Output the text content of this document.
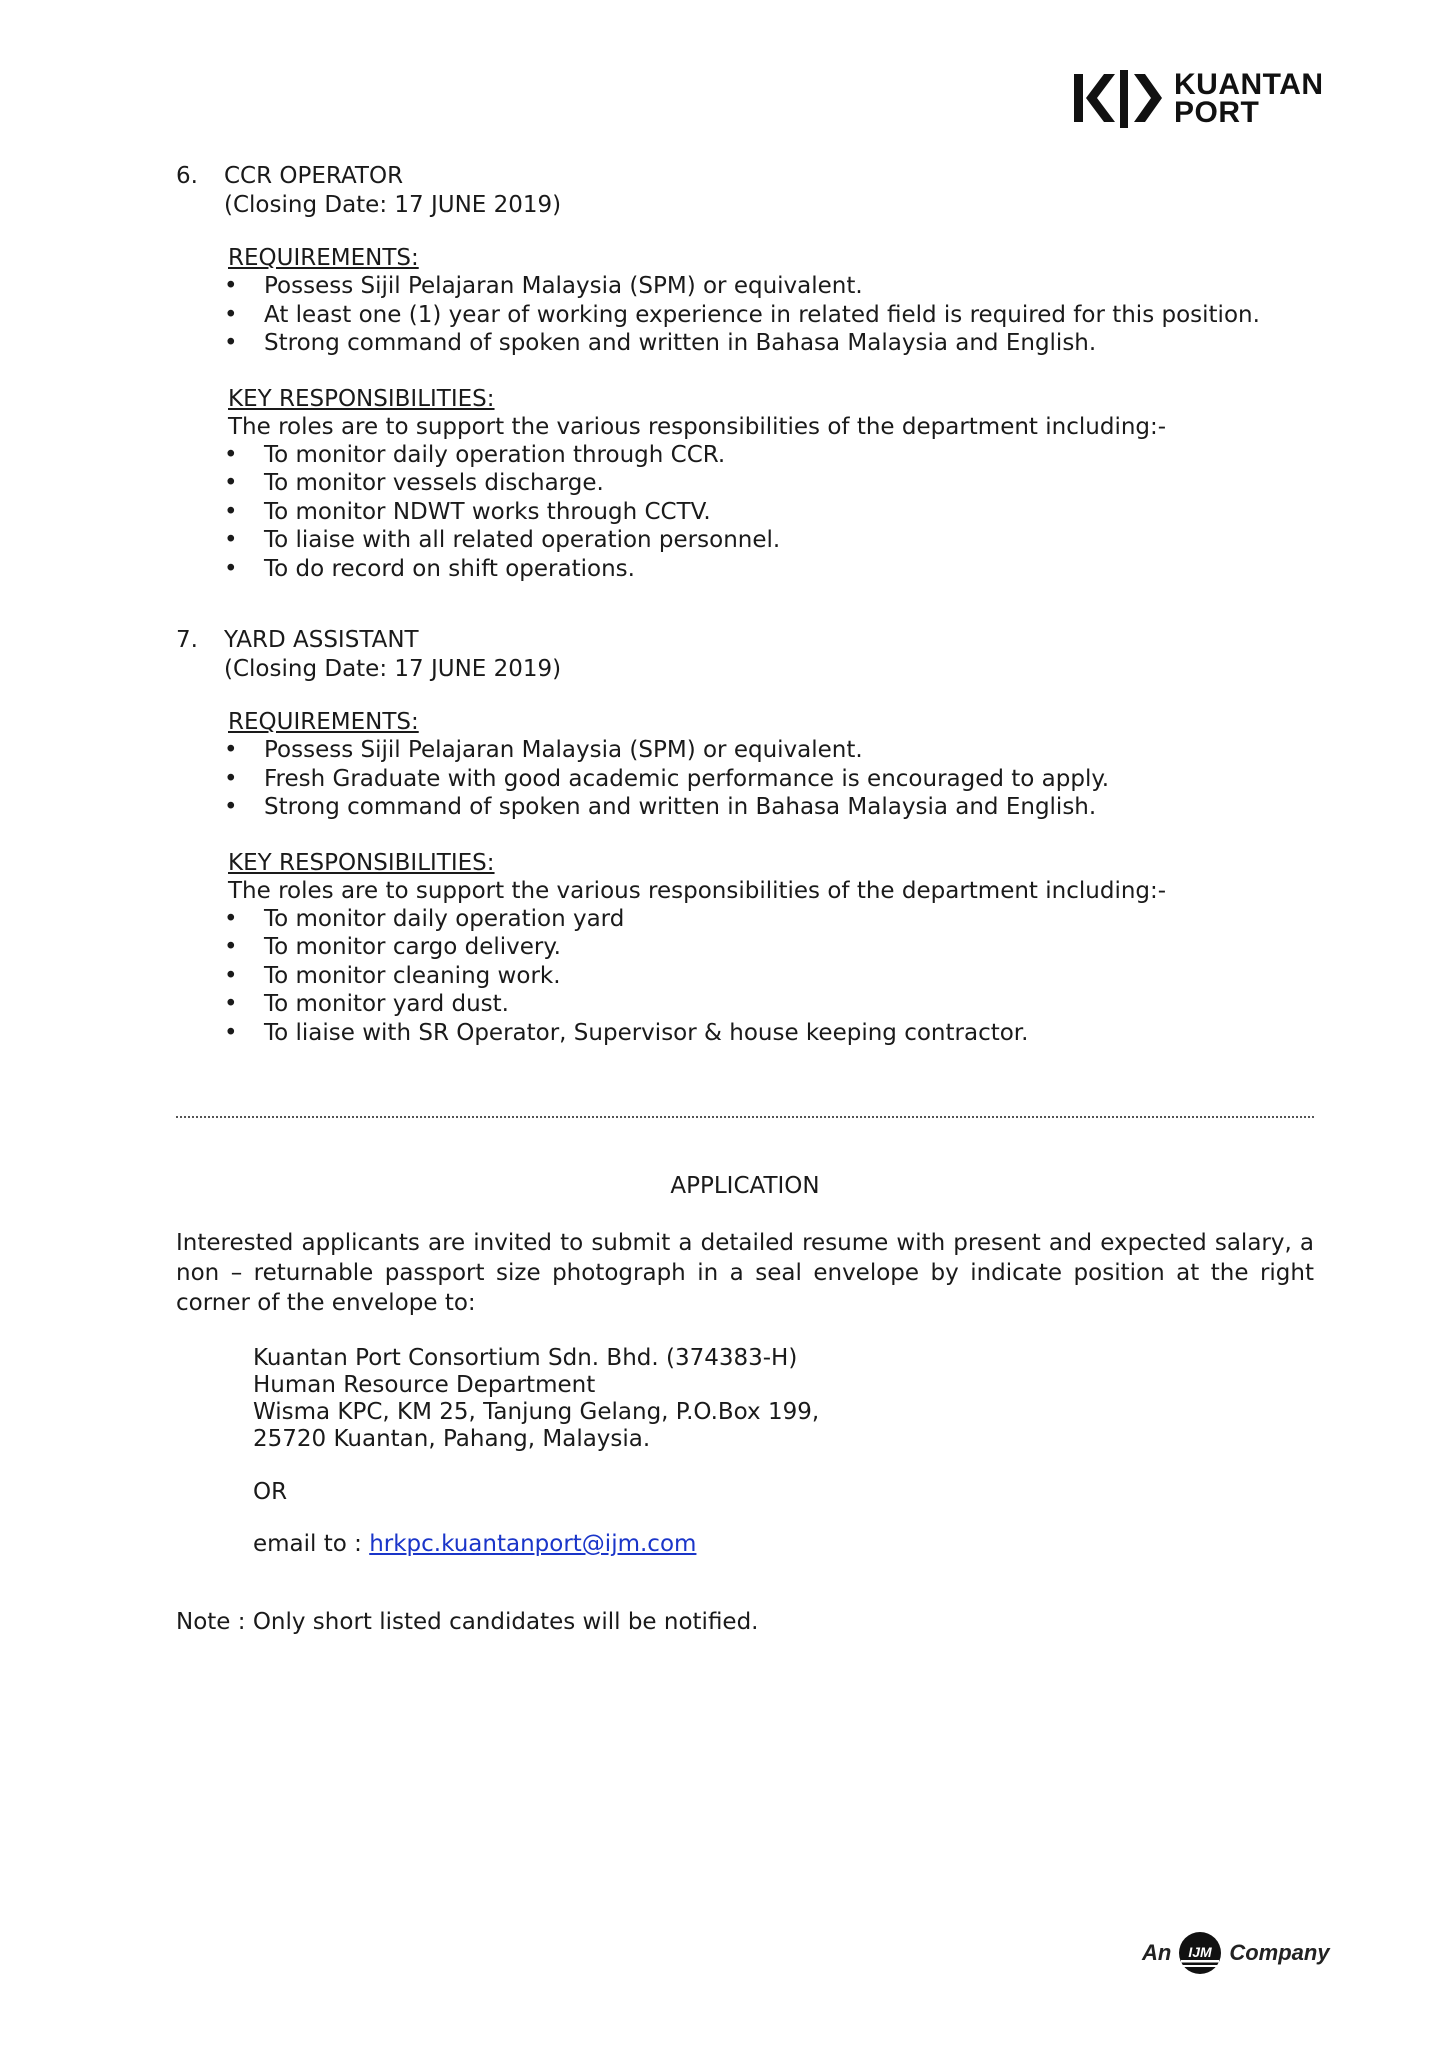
KUANTAN
PORT
6.	CCR OPERATOR
(Closing Date: 17 JUNE 2019)
REQUIREMENTS:
• Possess Sijil Pelajaran Malaysia (SPM) or equivalent.
• At least one (1) year of working experience in related field is required for this position.
• Strong command of spoken and written in Bahasa Malaysia and English.
KEY RESPONSIBILITIES:
The roles are to support the various responsibilities of the department including:-
• To monitor daily operation through CCR.
• To monitor vessels discharge.
• To monitor NDWT works through CCTV.
• To liaise with all related operation personnel.
• To do record on shift operations.
7.	YARD ASSISTANT
(Closing Date: 17 JUNE 2019)
REQUIREMENTS:
• Possess Sijil Pelajaran Malaysia (SPM) or equivalent.
• Fresh Graduate with good academic performance is encouraged to apply.
• Strong command of spoken and written in Bahasa Malaysia and English.
KEY RESPONSIBILITIES:
The roles are to support the various responsibilities of the department including:-
• To monitor daily operation yard
• To monitor cargo delivery.
• To monitor cleaning work.
• To monitor yard dust.
• To liaise with SR Operator, Supervisor & house keeping contractor.
APPLICATION
Interested applicants are invited to submit a detailed resume with present and expected salary, a non – returnable passport size photograph in a seal envelope by indicate position at the right corner of the envelope to:
Kuantan Port Consortium Sdn. Bhd. (374383-H)
Human Resource Department
Wisma KPC, KM 25, Tanjung Gelang, P.O.Box 199,
25720 Kuantan, Pahang, Malaysia.
OR
email to : hrkpc.kuantanport@ijm.com
Note : Only short listed candidates will be notified.
An IJM Company
